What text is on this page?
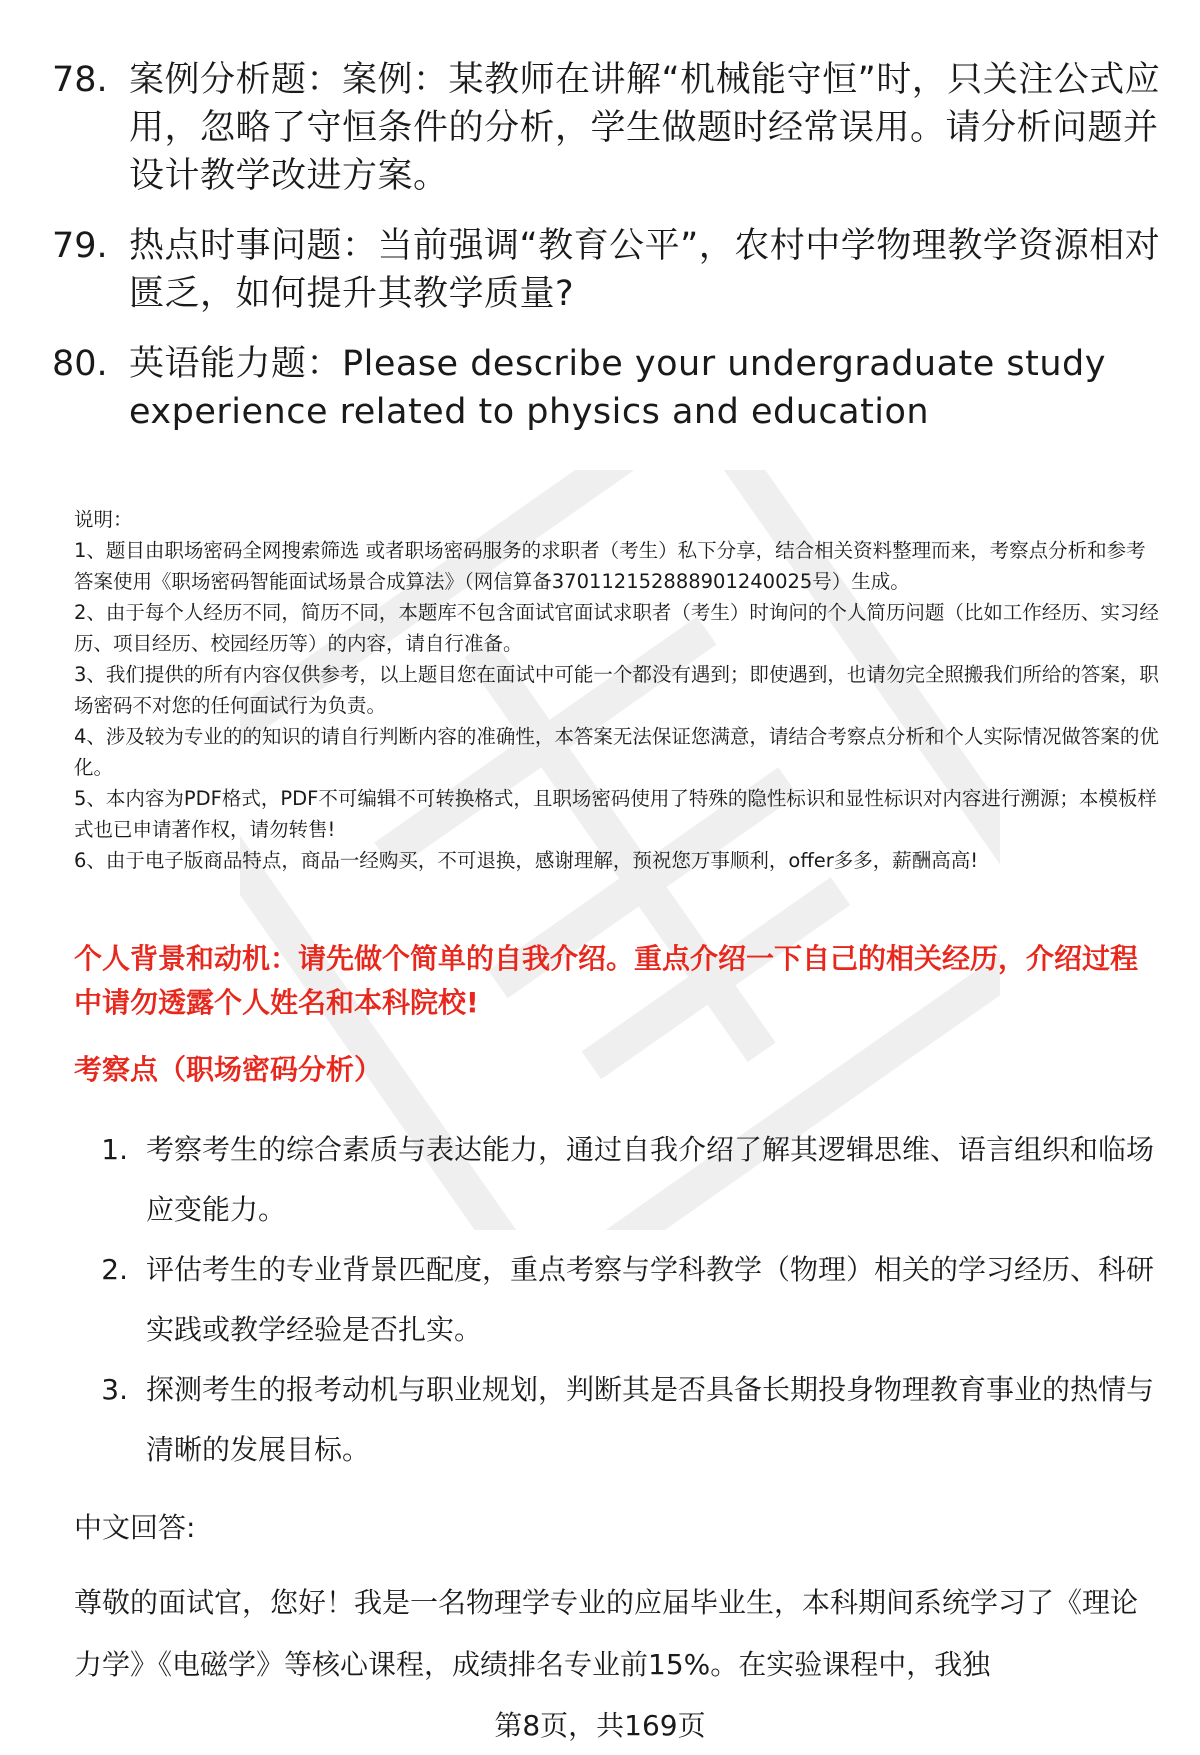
78. 案例分析题：案例：某教师在讲解“机械能守恒”时，只关注公式应用，忽略了守恒条件的分析，学生做题时经常误用。请分析问题并设计教学改进方案。
79. 热点时事问题：当前强调“教育公平”，农村中学物理教学资源相对匮乏，如何提升其教学质量?
80. 英语能力题：Please describe your undergraduate study experience related to physics and education

说明：

1、题目由职场密码全网搜索筛选 或者职场密码服务的求职者（考生）私下分享，结合相关资料整理而来，考察点分析和参考答案使用《职场密码智能面试场景合成算法》（网信算备370112152888901240025号）生成。

2、由于每个人经历不同，简历不同，本题库不包含面试官面试求职者（考生）时询问的个人简历问题（比如工作经历、实习经历、项目经历、校园经历等）的内容，请自行准备。

3、我们提供的所有内容仅供参考，以上题目您在面试中可能一个都没有遇到；即使遇到，也请勿完全照搬我们所给的答案，职场密码不对您的任何面试行为负责。

4、涉及较为专业的的知识的请自行判断内容的准确性，本答案无法保证您满意，请结合考察点分析和个人实际情况做答案的优化。

5、本内容为PDF格式，PDF不可编辑不可转换格式，且职场密码使用了特殊的隐性标识和显性标识对内容进行溯源；本模板样式也已申请著作权，请勿转售!

6、由于电子版商品特点，商品一经购买，不可退换，感谢理解，预祝您万事顺利，offer多多，薪酬高高!

个人背景和动机：请先做个简单的自我介绍。重点介绍一下自己的相关经历，介绍过程中请勿透露个人姓名和本科院校!
考察点（职场密码分析）
1. 考察考生的综合素质与表达能力，通过自我介绍了解其逻辑思维、语言组织和临场应变能力。
2. 评估考生的专业背景匹配度，重点考察与学科教学（物理）相关的学习经历、科研实践或教学经验是否扎实。
3. 探测考生的报考动机与职业规划，判断其是否具备长期投身物理教育事业的热情与清晰的发展目标。
中文回答:
尊敬的面试官，您好！我是一名物理学专业的应届毕业生，本科期间系统学习了《理论力学》《电磁学》等核心课程，成绩排名专业前15%。在实验课程中，我独
第8页，共169页
